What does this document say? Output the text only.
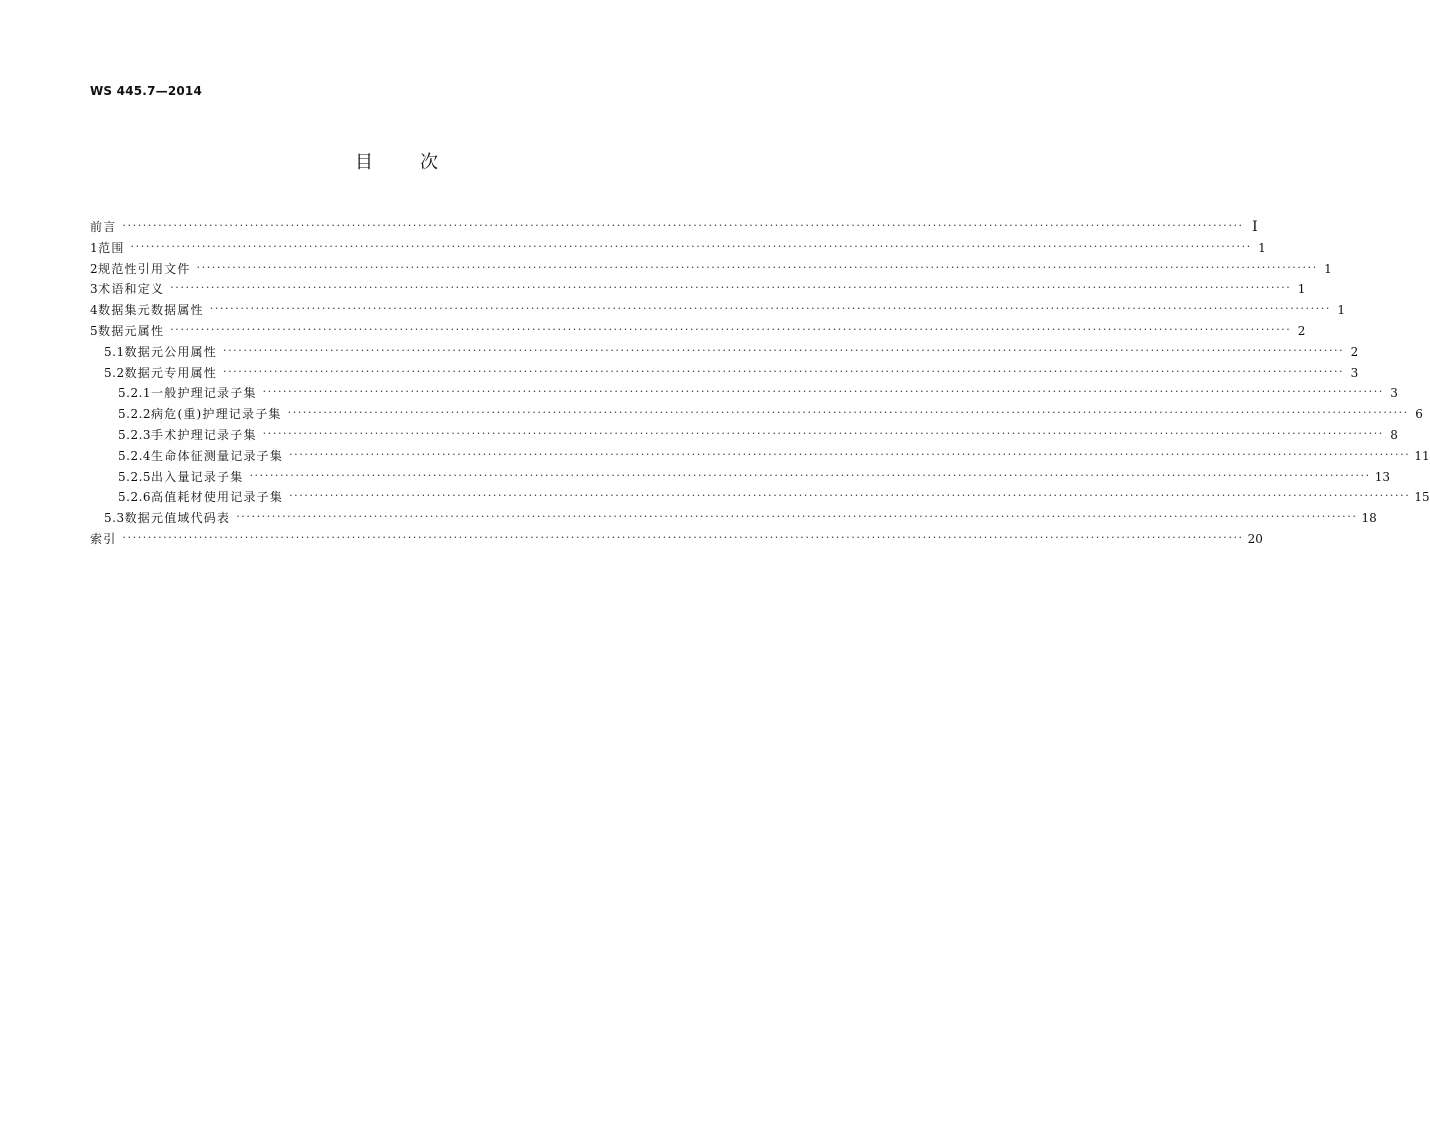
WS 445.7—2014
目	次
前言 ···························································································································································································································· Ⅰ
1 范围 ···························································································································································································································· 1
2 规范性引用文件 ···························································································································································································································· 1
3 术语和定义 ···························································································································································································································· 1
4 数据集元数据属性 ···························································································································································································································· 1
5 数据元属性 ···························································································································································································································· 2
5.1 数据元公用属性 ···························································································································································································································· 2
5.2 数据元专用属性 ···························································································································································································································· 3
5.2.1 一般护理记录子集 ···························································································································································································································· 3
5.2.2 病危(重)护理记录子集 ···························································································································································································································· 6
5.2.3 手术护理记录子集 ···························································································································································································································· 8
5.2.4 生命体征测量记录子集 ···························································································································································································································· 11
5.2.5 出入量记录子集 ···························································································································································································································· 13
5.2.6 高值耗材使用记录子集 ···························································································································································································································· 15
5.3 数据元值域代码表 ···························································································································································································································· 18
索引 ···························································································································································································································· 20
